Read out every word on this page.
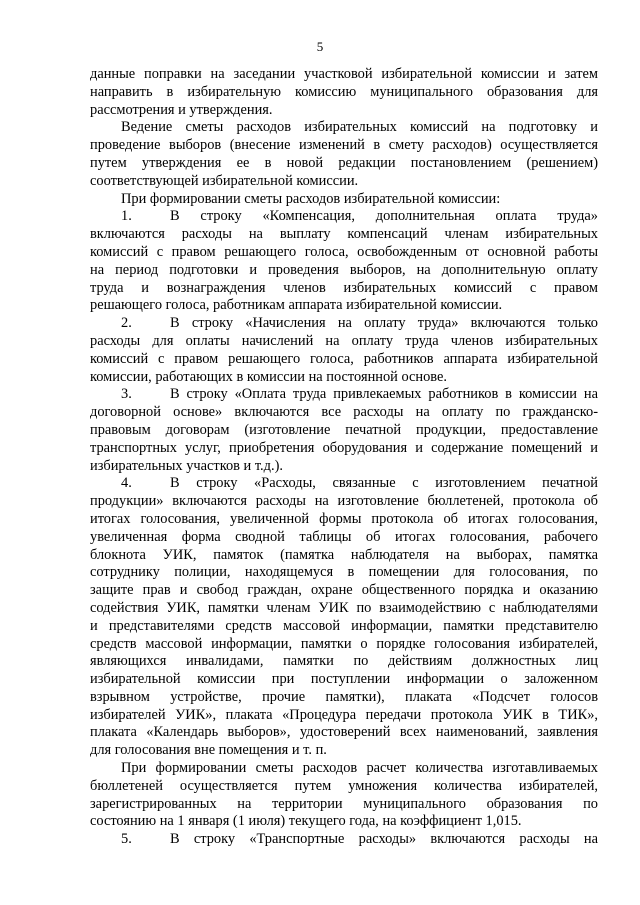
5
данные поправки на заседании участковой избирательной комиссии и затем
направить в избирательную комиссию муниципального образования для
рассмотрения и утверждения.
Ведение сметы расходов избирательных комиссий на подготовку и
проведение выборов (внесение изменений в смету расходов) осуществляется
путем утверждения ее в новой редакции постановлением (решением)
соответствующей избирательной комиссии.
При формировании сметы расходов избирательной комиссии:
1.	В строку «Компенсация, дополнительная оплата труда»
включаются расходы на выплату компенсаций членам избирательных
комиссий с правом решающего голоса, освобожденным от основной работы
на период подготовки и проведения выборов, на дополнительную оплату
труда и вознаграждения членов избирательных комиссий с правом
решающего голоса, работникам аппарата избирательной комиссии.
2.	В строку «Начисления на оплату труда» включаются только
расходы для оплаты начислений на оплату труда членов избирательных
комиссий с правом решающего голоса, работников аппарата избирательной
комиссии, работающих в комиссии на постоянной основе.
3.	В строку «Оплата труда привлекаемых работников в комиссии на
договорной основе» включаются все расходы на оплату по гражданско-
правовым договорам (изготовление печатной продукции, предоставление
транспортных услуг, приобретения оборудования и содержание помещений и
избирательных участков и т.д.).
4.	В строку «Расходы, связанные с изготовлением печатной
продукции» включаются расходы на изготовление бюллетеней, протокола об
итогах голосования, увеличенной формы протокола об итогах голосования,
увеличенная форма сводной таблицы об итогах голосования, рабочего
блокнота УИК, памяток (памятка наблюдателя на выборах, памятка
сотруднику полиции, находящемуся в помещении для голосования, по
защите прав и свобод граждан, охране общественного порядка и оказанию
содействия УИК, памятки членам УИК по взаимодействию с наблюдателями
и представителями средств массовой информации, памятки представителю
средств массовой информации, памятки о порядке голосования избирателей,
являющихся инвалидами, памятки по действиям должностных лиц
избирательной комиссии при поступлении информации о заложенном
взрывном устройстве, прочие памятки), плаката «Подсчет голосов
избирателей УИК», плаката «Процедура передачи протокола УИК в ТИК»,
плаката «Календарь выборов», удостоверений всех наименований, заявления
для голосования вне помещения и т. п.
При формировании сметы расходов расчет количества изготавливаемых
бюллетеней осуществляется путем умножения количества избирателей,
зарегистрированных на территории муниципального образования по
состоянию на 1 января (1 июля) текущего года, на коэффициент 1,015.
5.	В строку «Транспортные расходы» включаются расходы на
